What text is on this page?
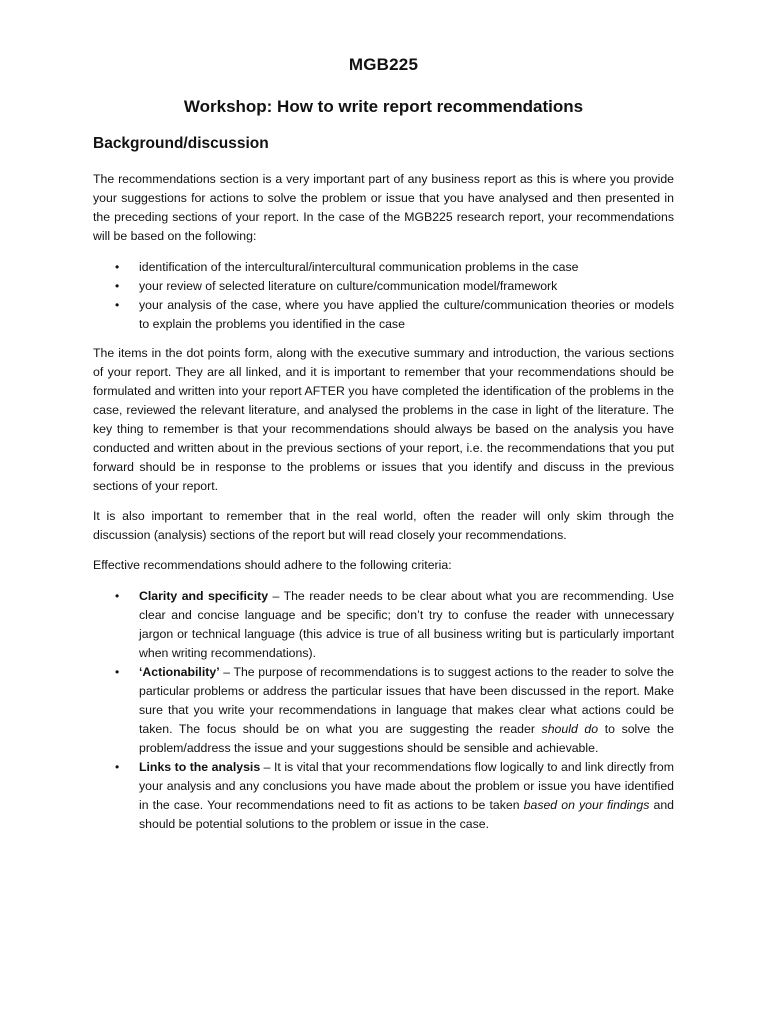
MGB225
Workshop: How to write report recommendations
Background/discussion

The recommendations section is a very important part of any business report as this is where you provide your suggestions for actions to solve the problem or issue that you have analysed and then presented in the preceding sections of your report. In the case of the MGB225 research report, your recommendations will be based on the following:

• identification of the intercultural/intercultural communication problems in the case
• your review of selected literature on culture/communication model/framework
• your analysis of the case, where you have applied the culture/communication theories or models to explain the problems you identified in the case

The items in the dot points form, along with the executive summary and introduction, the various sections of your report. They are all linked, and it is important to remember that your recommendations should be formulated and written into your report AFTER you have completed the identification of the problems in the case, reviewed the relevant literature, and analysed the problems in the case in light of the literature. The key thing to remember is that your recommendations should always be based on the analysis you have conducted and written about in the previous sections of your report, i.e. the recommendations that you put forward should be in response to the problems or issues that you identify and discuss in the previous sections of your report.

It is also important to remember that in the real world, often the reader will only skim through the discussion (analysis) sections of the report but will read closely your recommendations.

Effective recommendations should adhere to the following criteria:

• Clarity and specificity – The reader needs to be clear about what you are recommending. Use clear and concise language and be specific; don’t try to confuse the reader with unnecessary jargon or technical language (this advice is true of all business writing but is particularly important when writing recommendations).
• ‘Actionability’ – The purpose of recommendations is to suggest actions to the reader to solve the particular problems or address the particular issues that have been discussed in the report. Make sure that you write your recommendations in language that makes clear what actions could be taken. The focus should be on what you are suggesting the reader should do to solve the problem/address the issue and your suggestions should be sensible and achievable.
• Links to the analysis – It is vital that your recommendations flow logically to and link directly from your analysis and any conclusions you have made about the problem or issue you have identified in the case. Your recommendations need to fit as actions to be taken based on your findings and should be potential solutions to the problem or issue in the case.
